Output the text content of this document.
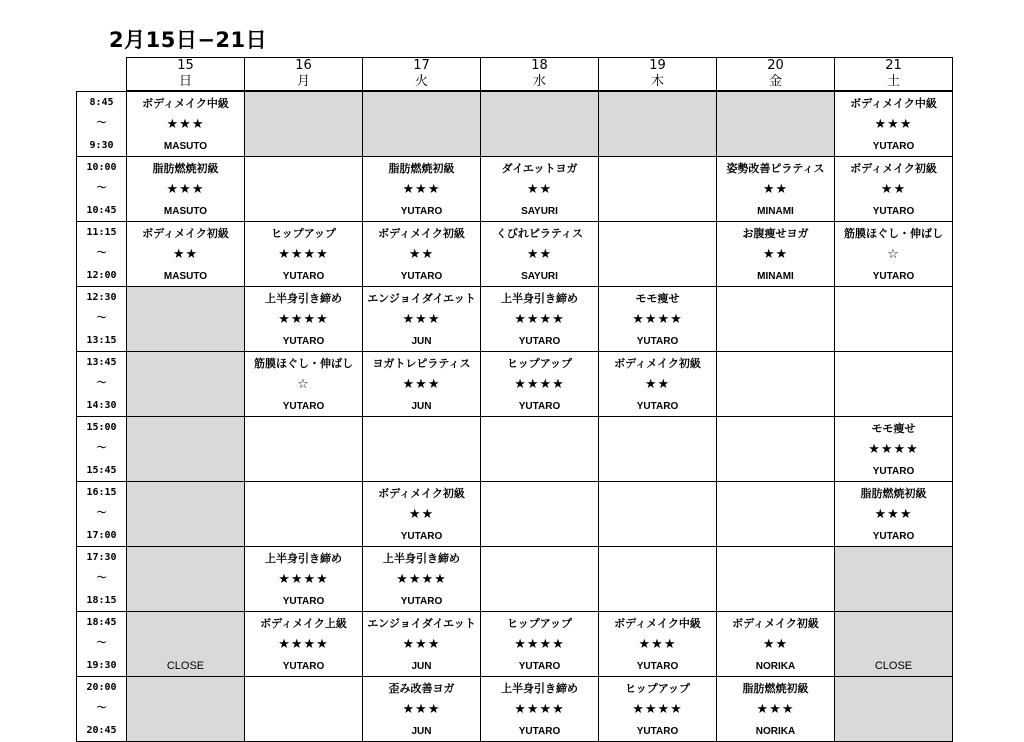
2月15日−21日
	15	16	17	18	19	20	21
	日	月	火	水	木	金	土
8:45	ボディメイク中級						ボディメイク中級
～	★★★						★★★
9:30	MASUTO						YUTARO
10:00	脂肪燃焼初級		脂肪燃焼初級	ダイエットヨガ		姿勢改善ピラティス	ボディメイク初級
～	★★★		★★★	★★		★★	★★
10:45	MASUTO		YUTARO	SAYURI		MINAMI	YUTARO
11:15	ボディメイク初級	ヒップアップ	ボディメイク初級	くびれピラティス		お腹痩せヨガ	筋膜ほぐし・伸ばし
～	★★	★★★★	★★	★★		★★	☆
12:00	MASUTO	YUTARO	YUTARO	SAYURI		MINAMI	YUTARO
12:30		上半身引き締め	エンジョイダイエット	上半身引き締め	モモ痩せ		
～		★★★★	★★★	★★★★	★★★★		
13:15		YUTARO	JUN	YUTARO	YUTARO		
13:45		筋膜ほぐし・伸ばし	ヨガトレピラティス	ヒップアップ	ボディメイク初級		
～		☆	★★★	★★★★	★★		
14:30		YUTARO	JUN	YUTARO	YUTARO		
15:00							モモ痩せ
～							★★★★
15:45							YUTARO
16:15			ボディメイク初級				脂肪燃焼初級
～			★★				★★★
17:00			YUTARO				YUTARO
17:30		上半身引き締め	上半身引き締め				
～		★★★★	★★★★				
18:15		YUTARO	YUTARO				
18:45		ボディメイク上級	エンジョイダイエット	ヒップアップ	ボディメイク中級	ボディメイク初級	
～		★★★★	★★★	★★★★	★★★	★★	
19:30	CLOSE	YUTARO	JUN	YUTARO	YUTARO	NORIKA	CLOSE
20:00			歪み改善ヨガ	上半身引き締め	ヒップアップ	脂肪燃焼初級	
～			★★★	★★★★	★★★★	★★★	
20:45			JUN	YUTARO	YUTARO	NORIKA	
